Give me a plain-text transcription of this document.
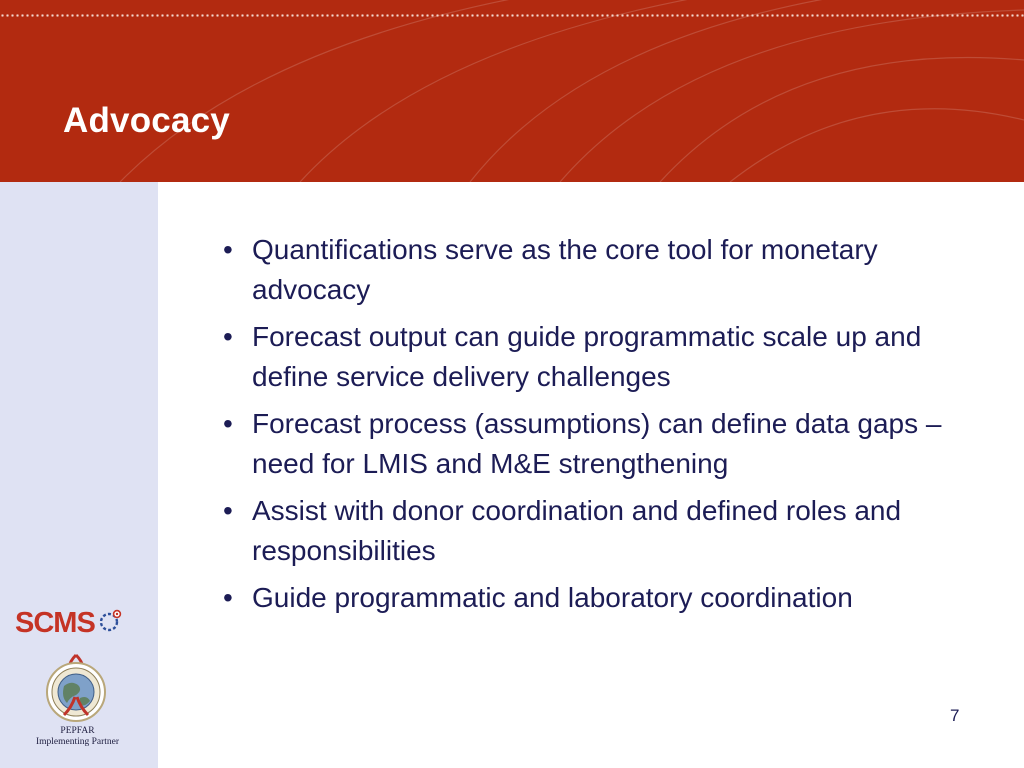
Advocacy
• Quantifications serve as the core tool for monetary advocacy
• Forecast output can guide programmatic scale up and define service delivery challenges
• Forecast process (assumptions) can define data gaps – need for LMIS and M&E strengthening
• Assist with donor coordination and defined roles and responsibilities
• Guide programmatic and laboratory coordination
7
SCMS
PEPFAR
Implementing Partner
